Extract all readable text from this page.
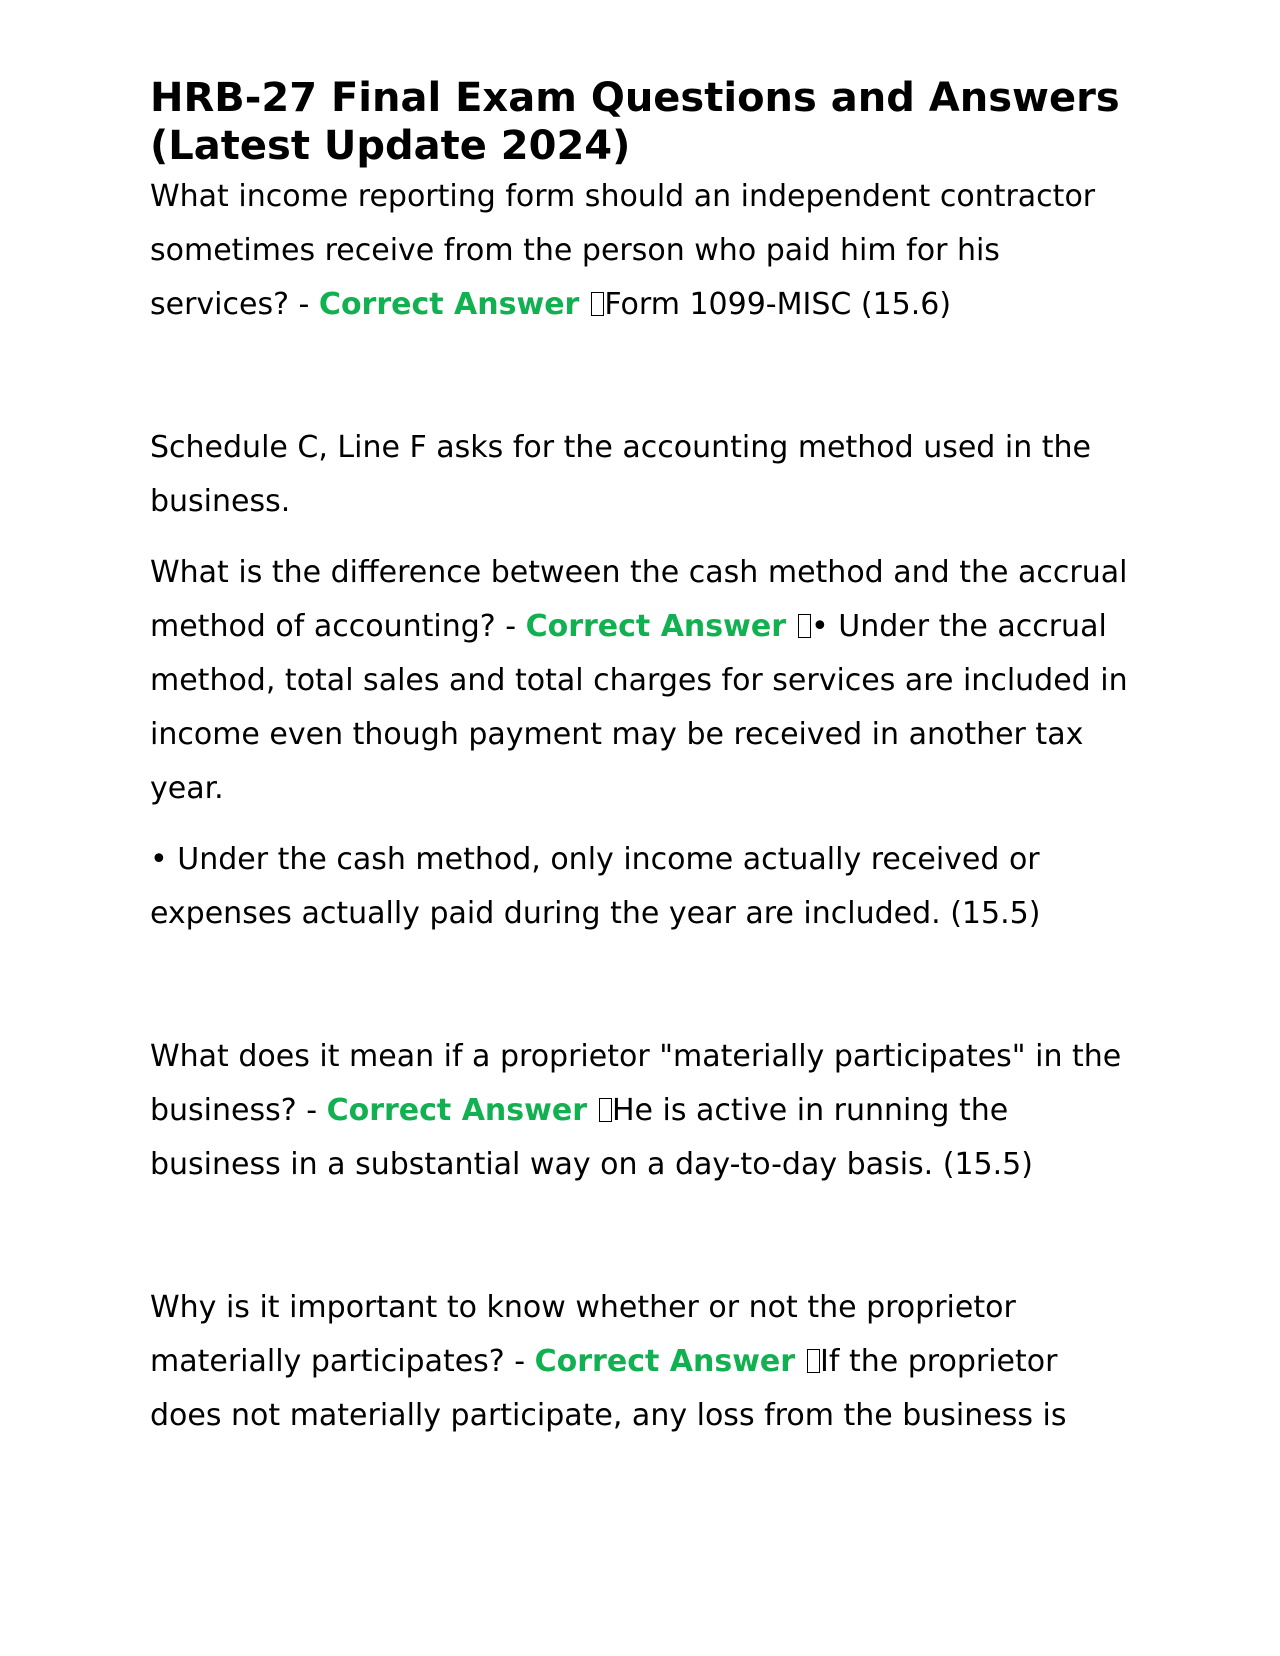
HRB-27 Final Exam Questions and Answers (Latest Update 2024)

What income reporting form should an independent contractor sometimes receive from the person who paid him for his services? - Correct Answer Form 1099-MISC (15.6)

Schedule C, Line F asks for the accounting method used in the business.

What is the difference between the cash method and the accrual method of accounting? - Correct Answer • Under the accrual method, total sales and total charges for services are included in income even though payment may be received in another tax year.

• Under the cash method, only income actually received or expenses actually paid during the year are included. (15.5)

What does it mean if a proprietor "materially participates" in the business? - Correct Answer He is active in running the business in a substantial way on a day-to-day basis. (15.5)

Why is it important to know whether or not the proprietor materially participates? - Correct Answer If the proprietor does not materially participate, any loss from the business is
